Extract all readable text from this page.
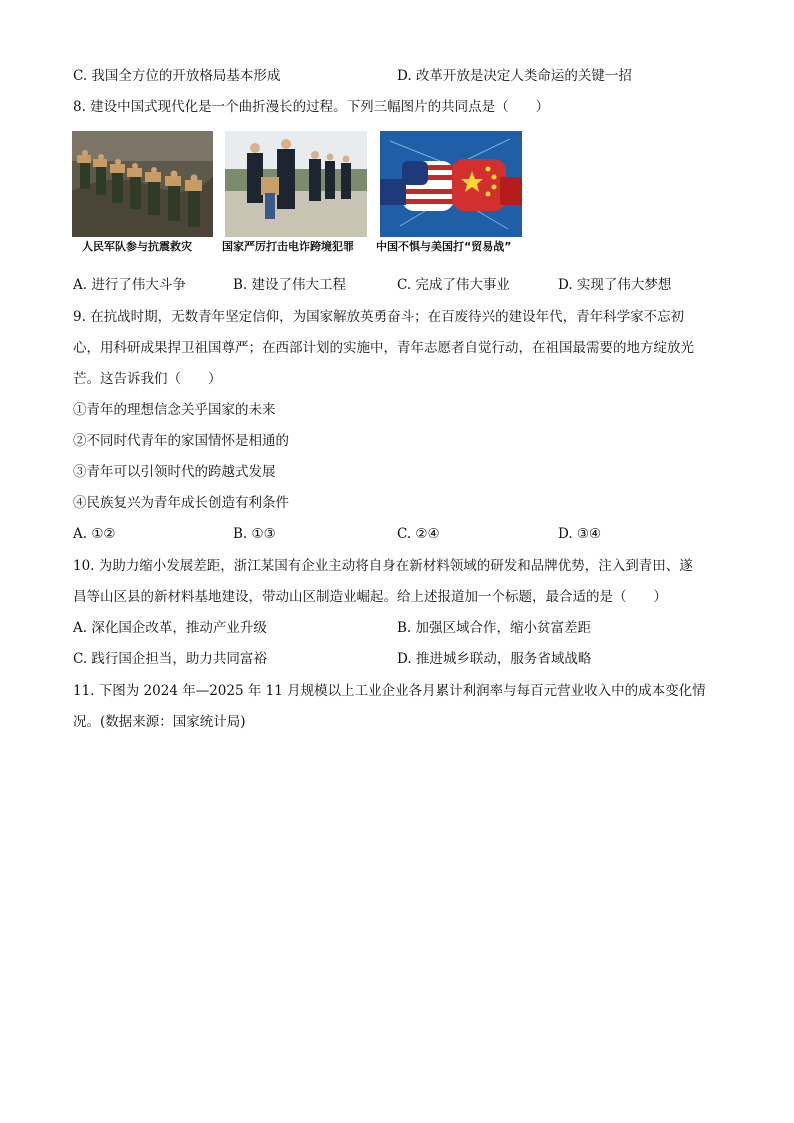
C. 我国全方位的开放格局基本形成	D. 改革开放是决定人类命运的关键一招
8. 建设中国式现代化是一个曲折漫长的过程。下列三幅图片的共同点是（　　）
人民军队参与抗震救灾	国家严厉打击电诈跨境犯罪 中国不惧与美国打“贸易战”
A. 进行了伟大斗争	B. 建设了伟大工程	C. 完成了伟大事业	D. 实现了伟大梦想
9. 在抗战时期，无数青年坚定信仰，为国家解放英勇奋斗；在百废待兴的建设年代，青年科学家不忘初
心，用科研成果捍卫祖国尊严；在西部计划的实施中，青年志愿者自觉行动，在祖国最需要的地方绽放光
芒。这告诉我们（　　）
①青年的理想信念关乎国家的未来
②不同时代青年的家国情怀是相通的
③青年可以引领时代的跨越式发展
④民族复兴为青年成长创造有利条件
A. ①②	B. ①③	C. ②④	D. ③④
10. 为助力缩小发展差距，浙江某国有企业主动将自身在新材料领域的研发和品牌优势，注入到青田、遂
昌等山区县的新材料基地建设，带动山区制造业崛起。给上述报道加一个标题，最合适的是（　　）
A. 深化国企改革，推动产业升级	B. 加强区域合作，缩小贫富差距
C. 践行国企担当，助力共同富裕	D. 推进城乡联动，服务省域战略
11. 下图为 2024 年—2025 年 11 月规模以上工业企业各月累计利润率与每百元营业收入中的成本变化情
况。(数据来源：国家统计局)
